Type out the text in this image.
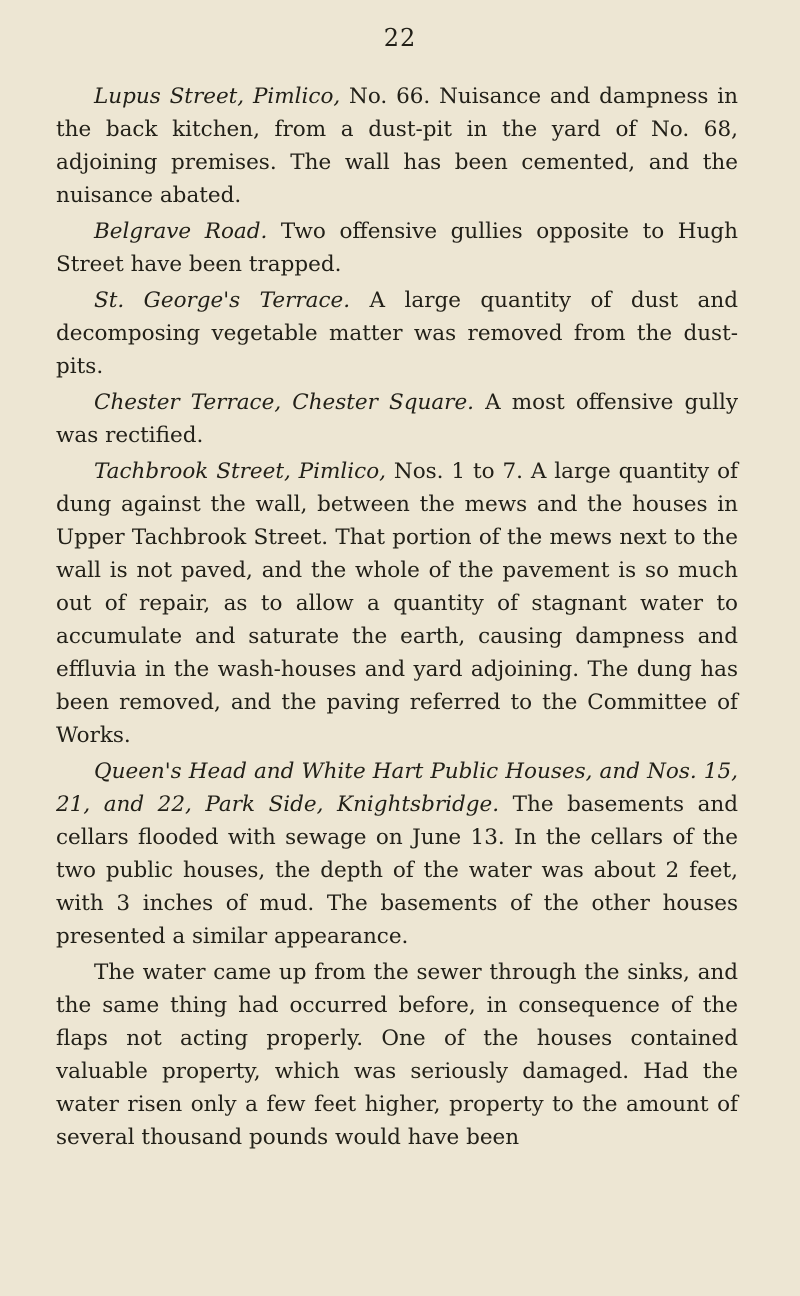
22

Lupus Street, Pimlico, No. 66. Nuisance and dampness in the back kitchen, from a dust-pit in the yard of No. 68, adjoining premises. The wall has been cemented, and the nuisance abated.

Belgrave Road. Two offensive gullies opposite to Hugh Street have been trapped.

St. George's Terrace. A large quantity of dust and decomposing vegetable matter was removed from the dust-pits.

Chester Terrace, Chester Square. A most offensive gully was rectified.

Tachbrook Street, Pimlico, Nos. 1 to 7. A large quantity of dung against the wall, between the mews and the houses in Upper Tachbrook Street. That portion of the mews next to the wall is not paved, and the whole of the pavement is so much out of repair, as to allow a quantity of stagnant water to accumulate and saturate the earth, causing dampness and effluvia in the wash-houses and yard adjoining. The dung has been removed, and the paving referred to the Committee of Works.

Queen's Head and White Hart Public Houses, and Nos. 15, 21, and 22, Park Side, Knightsbridge. The basements and cellars flooded with sewage on June 13. In the cellars of the two public houses, the depth of the water was about 2 feet, with 3 inches of mud. The basements of the other houses presented a similar appearance.

The water came up from the sewer through the sinks, and the same thing had occurred before, in consequence of the flaps not acting properly. One of the houses contained valuable property, which was seriously damaged. Had the water risen only a few feet higher, property to the amount of several thousand pounds would have been
